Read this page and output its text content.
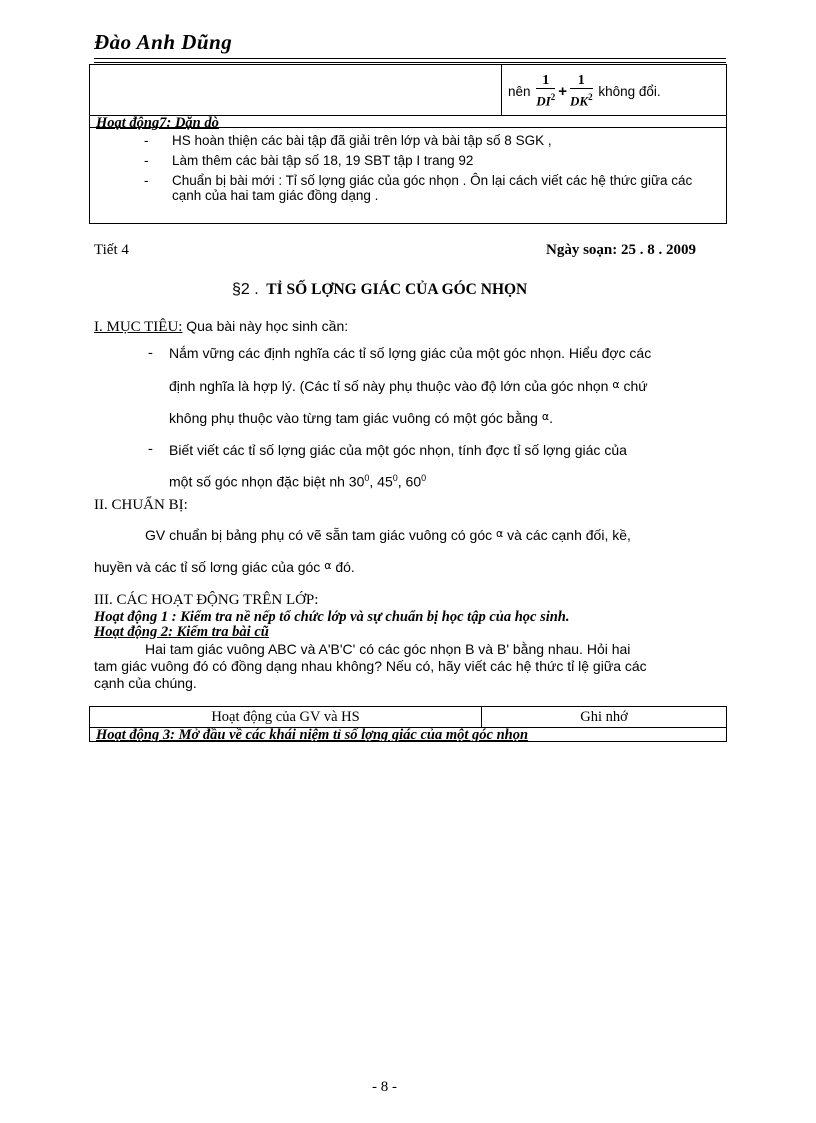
Đào Anh Dũng
nên
$\frac{1}{DI^2} + \frac{1}{DK^2}$
không đổi.
Hoạt động7: Dặn dò
- HS hoàn thiện các bài tập đã giải trên lớp và bài tập số 8 SGK ,
- Làm thêm các bài tập số 18, 19 SBT tập I trang 92
- Chuẩn bị bài mới : Tỉ số lợng giác của góc nhọn . Ôn lại cách viết các hệ thức giữa các cạnh của hai tam giác đồng dạng .
Tiết 4	Ngày soạn: 25 . 8 . 2009
§2 . TỈ SỐ LỢNG GIÁC CỦA GÓC NHỌN
I. MỤC TIÊU: Qua bài này học sinh cần:
- Nắm vững các định nghĩa các tỉ số lợng giác của một góc nhọn. Hiểu đợc các
định nghĩa là hợp lý. (Các tỉ số này phụ thuộc vào độ lớn của góc nhọn $^\alpha$ chứ
không phụ thuộc vào từng tam giác vuông có một góc bằng $^\alpha$.
- Biết viết các tỉ số lợng giác của một góc nhọn, tính đợc tỉ số lợng giác của
một số góc nhọn đặc biệt nh $30^0$, $45^0$, $60^0$
II. CHUẨN BỊ:
GV chuẩn bị bảng phụ có vẽ sẵn tam giác vuông có góc $^\alpha$ và các cạnh đối, kề,
huyền và các tỉ số lơng giác của góc $^\alpha$ đó.
III. CÁC HOẠT ĐỘNG TRÊN LỚP:
Hoạt động 1 : Kiểm tra nề nếp tổ chức lớp và sự chuẩn bị học tập của học sinh.
Hoạt động 2: Kiểm tra bài cũ
Hai tam giác vuông ABC và A'B'C' có các góc nhọn B và B' bằng nhau. Hỏi hai
tam giác vuông đó có đồng dạng nhau không? Nếu có, hãy viết các hệ thức tỉ lệ giữa các
cạnh của chúng.
Hoạt động của GV và HS	Ghi nhớ
Hoạt động 3: Mở đầu về các khái niệm tỉ số lợng giác của một góc nhọn
- 8 -
